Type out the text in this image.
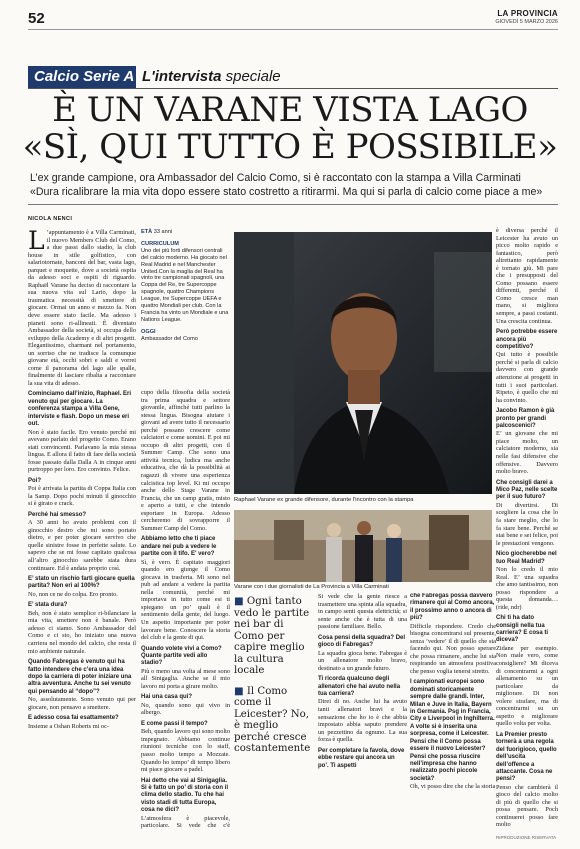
52	LA PROVINCIA
GIOVEDÌ 5 MARZO 2026
Calcio Serie A L'intervista speciale
È UN VARANE VISTA LAGO
«SÌ, QUI TUTTO È POSSIBILE»
L’ex grande campione, ora Ambassador del Calcio Como, si è raccontato con la stampa a Villa Carminati
«Dura ricalibrare la mia vita dopo essere stato costretto a ritirarmi. Ma qui si parla di calcio come piace a me»
NICOLA NENCI

L ’appuntamento è a Villa Carminati, il nuovo Members Club del Como, a due passi dallo stadio, la club house in stile golfistico, con salariotornate, banconi del bar, vasta lago, parquet e moquette, dove a società ospita da adesso soci e ospiti di riguardo. Raphaël Varane ha deciso di raccontare la sua nuova vita sul Lario, dopo la traumatica necessità di smettere di giocare. Ormai un anno e mezzo fa. Non deve essere stato facile. Ma adesso i pianeti sono ri-allineati. È diventato Ambassador della società, si occupa dello sviluppo della Academy e di altri progetti. Elegantissimo, charmant nel portamento, un sorriso che ne tradisce la comunque giovane età, occhi sobri e saldi e vorrei come il panorama del lago alle spalle, finalmente di lasciare ribalta a raccontare la sua vita di adesso.

Cominciamo dall’inizio, Raphael. Eri venuto qui per giocare. La conferenza stampa a Villa Gene, interviste e flash. Dopo un mese eri out.

Non è stato facile. Ero venuto perché mi avevano parlato del progetto Como. Erano stati convincenti. Parlavano la mia stessa lingua. E allora il fatto di fare della società fosse passato dalla Dalla A in cinque anni purtroppo per loro. Ero convinto. Felice.

Poi?

Poi è arrivata la partita di Coppa Italia con la Samp. Dopo pochi minuti il ginocchio si è girato e crack.

Perché hai smesso?

A 30 anni ho avuto problemi con il ginocchio destro che mi sono portato dietro, e per poter giocare servivo che quelle sinistre fosse in perfette salute. Lo sapevo che se mi fosse capitato qualcosa all’altro ginocchio sarebbe stata dura continuare. Ed è andata proprio così.

E’ stato un rischio farti giocare quella partita? Non eri al 100%?

No, non ce ne do colpa. Ero pronto.

E’ stata dura?

Beh, non è stato semplice ri-bilanciare la mia vita, smettere non è banale. Però adesso ci siamo. Sono Ambassador del Como e ci sto, ho iniziato una nuova carriera nel mondo del calcio, che resta il mio ambiente naturale.

Quando Fabregas è venuto qui ha fatto intendere che c’era una idea dopo la carriera di poter iniziare una altra avventura. Anche tu sei venuto qui pensando al “dopo”?

No, assolutamente. Sono venuto qui per giocare, non pensavo a smettere.

E adesso cosa fai esattamente?

Insieme a Oshan Roberts mi oc-

ETÀ 33 anni
CURRICULUM
Uno dei più forti difensori centrali del calcio moderno. Ha giocato nel Real Madrid e nel Manchester United.Con la maglia del Real ha vinto tre campionati spagnoli, una Coppa del Re, tre Supercoppe spagnole, quattro Champions League, tre Supercoppe UEFA e quattro Mondiali per club. Con la Francia ha vinto un Mondiale e una Nations League.
OGGI
Ambassador del Como

cupo della filosofia della società tra prima squadra e settore giovanile, affinché tutti parlino la stessa lingua. Bisogna aiutare i giovani ad avere tutto il necessario perché possano crescere come calciatori e come uomini. E poi mi occupo di altri progetti, con il Summer Camp. Che sono una attività tecnica, ludica ma anche educativa, che dà la possibilità ai ragazzi di vivere una esperienza calcistica top level. Ki mi occupo anche dello Stage Varane in Francia, che un camp gratis, misto e aperto a tutti, e che intendo esportare in Europa. Adesso cercheremo di sovrapporre il Summer Camp del Como.

Abbiamo letto che ti piace andare nei pub a vedere le partite con il tifo. E' vero?

Sì, è vero. È capitato maggiori quando ero giunge il Como giocava in trasferta. Mi sono nel pub ad andare a vedere la partita nella comunità, perché mi importava in tutto come esi ti spiegano un po’ quali è il sentimento della gente, del luogo. Un aspetto importante per poter lavorare bene. Conoscere la storia del club e la gente di qui.

Quando volete vivi a Como? Quante partite vedi allo stadio?

Più o meno una volta al mese sono all Sinigaglia. Anche se il mio lavoro mi porta a girare molto.

Hai una casa qui?

No, quando sono qui vivo in albergo.

E come passi il tempo?

Beh, quando lavoro qui sono molto impegnato. Abbiamo continue riunioni tecniche con lo staff, passo molto tempo a Mozzate. Quando ho tempo’ di tempo libero mi piace giocare a padel.

Hai detto che vai al Sinigaglia. Si è fatto un po’ di storia con il clima dello stadio. Tu che hai visto stadi di tutta Europa, cosa ne dici?

L’atmosfera è piacevole, particolare. Si vede che c'è

Raphael Varane ex grande difensore, durante l'incontro con la stampa
Varane con i due giornalisti de La Provincia a Villa Carminati
■ Ogni tanto vedo le partite nei bar di Como per capire meglio la cultura locale
■ Il Como come il Leicester? No, è meglio perché cresce costantemente

Si vede che la gente riesce a trasmettere una spinta alla squadra, in campo senti questa elettricità; si sente anche che è tutta di una passione familiare. Bello.

Cosa pensi della squadra? Del gioco di Fabregas?

La squadra gioca bene. Fabregas è un allenatore molto bravo, destinato a un grande futuro.

Ti ricorda qualcuno degli allenatori che hai avuto nella tua carriera?

Direi di no. Anche lui ha avuto tanti allenatori bravi e la sensazione che ho io è che abbia impostato abbia saputo prendere un pezzettino da ognuno. La sua forza è quella.

Per completare la favola, dove ebbe restare qui ancora un po’. Ti aspetti

che Fabregas possa davvero rimanere qui al Como ancora, il prossimo anno o ancora di più?

Difficile rispondere. Credo che bisogna concentrarsi sul presente, senza ’vedere’ il di quello che sta facendo qui. Non posso sperare che possa rimanere, anche lui sta respirando un atmosfera positiva che penso voglia tenersi stretto.

I campionati europei sono dominati storicamente sempre dalle grandi. Inter, Milan e Juve in Italia, Bayern in Germania. Psg in Francia, City e Liverpool in Inghilterra. A volte si è inserita una sorpresa, come il Leicester. Pensi che il Como possa essere il nuovo Leicester? Pensi che possa riuscire nell’impresa che hanno realizzato pochi piccole società?

Oh, vi posso dire che che la storia

è diversa perché il Leicester ha avuto un picco molto rapido e fantastico, però altrettanto rapidamente è tornato giù. Mi pare che i presupposti del Como possano essere differenti, perché il Como cresce man mano, si migliora sempre, a passi costanti. Una crescita continua.

Però potrebbe essere ancora più competitivo?

Qui tutto è possibile perché si parla di calcio davvero con grande attenzione ai progetti in tutti i suoi particolari. Ripeto, è quello che mi ha convinto.

Jacobo Ramon è già pronto per grandi palcoscenici?

E’ un giovane che mi piace molto, un calciatore moderno, sia nelle fasi difensive che offensive. Davvero molto bravo.

Che consigli darei a Mico Paz, nelle scelte per il suo futuro?

Di divertirsi. Di scegliere la cosa che lo fa stare meglio, che lo fa stare bene. Perché se stai bene e sei felice, poi le prestazioni vengono.

Nico giocherebbe nel tuo Real Madrid?

Non lo credo il mio Real. E’ una squadra che amo tantissimo, non posso rispondere a questa domanda… (ride, ndr)

Chi ti ha dato consigli nella tua carriera? E cosa ti diceva?

Zidane per esempio. Non male vero, come consigliere? Mi diceva di concentrarmi a ogni allenamento su un particolare da migliorare. Di non volere strafare, ma di concentrarmi su un aspetto e migliorare quello volta per volta.

La Premier presto tornerà a una regola del fuorigioco, quello dell’uscita dell’offence a attaccante. Cosa ne pensi?

Penso che cambierà il gioco del calcio molto di più di quello che si possa pensare. Poch continuerei posso fare molto

RIPRODUZIONE RISERVATA
